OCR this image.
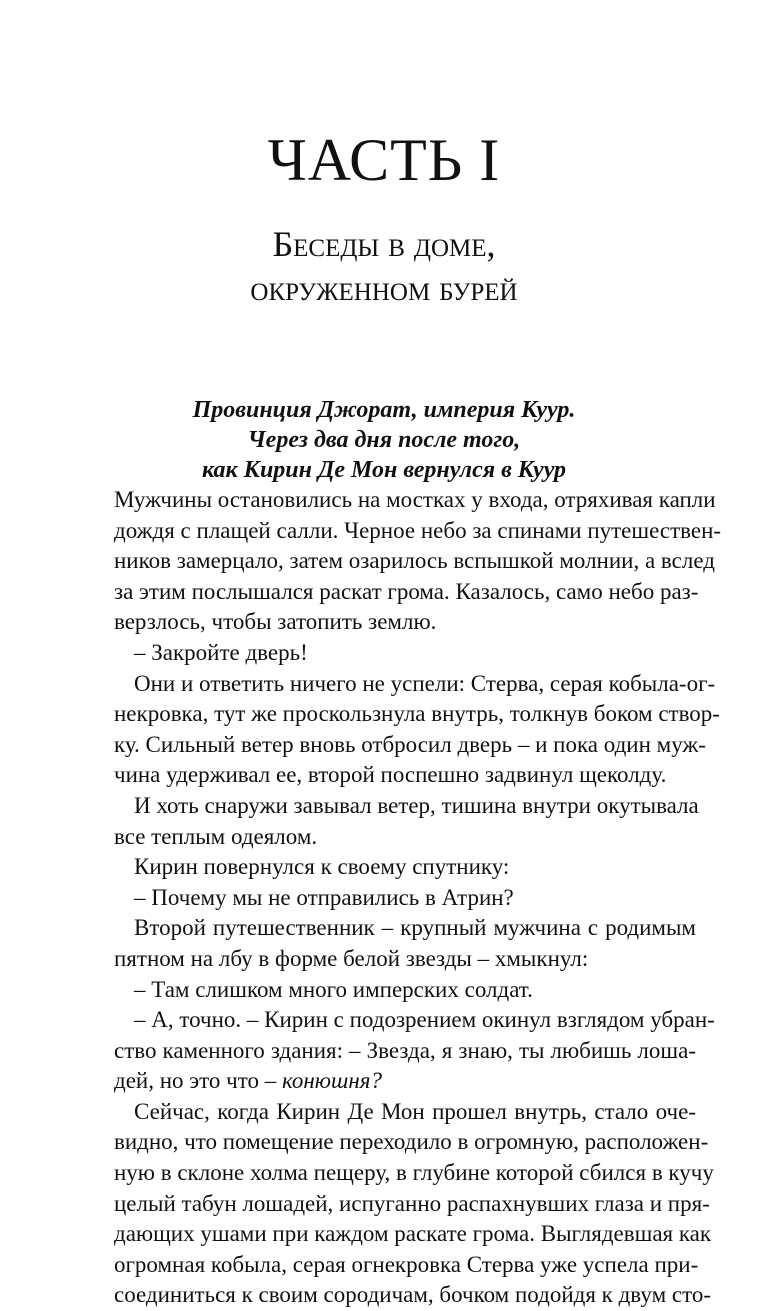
ЧАСТЬ I
Беседы в доме,
окруженном бурей
Провинция Джорат, империя Куур.
Через два дня после того,
как Кирин Де Мон вернулся в Куур
Мужчины остановились на мостках у входа, отряхивая капли
дождя с плащей салли. Черное небо за спинами путешествен-
ников замерцало, затем озарилось вспышкой молнии, а вслед
за этим послышался раскат грома. Казалось, само небо раз-
верзлось, чтобы затопить землю.
– Закройте дверь!
Они и ответить ничего не успели: Стерва, серая кобыла-ог-
некровка, тут же проскользнула внутрь, толкнув боком створ-
ку. Сильный ветер вновь отбросил дверь – и пока один муж-
чина удерживал ее, второй поспешно задвинул щеколду.
И хоть снаружи завывал ветер, тишина внутри окутывала
все теплым одеялом.
Кирин повернулся к своему спутнику:
– Почему мы не отправились в Атрин?
Второй путешественник – крупный мужчина с родимым
пятном на лбу в форме белой звезды – хмыкнул:
– Там слишком много имперских солдат.
– А, точно. – Кирин с подозрением окинул взглядом убран-
ство каменного здания: – Звезда, я знаю, ты любишь лоша-
дей, но это что – конюшня?
Сейчас, когда Кирин Де Мон прошел внутрь, стало оче-
видно, что помещение переходило в огромную, расположен-
ную в склоне холма пещеру, в глубине которой сбился в кучу
целый табун лошадей, испуганно распахнувших глаза и пря-
дающих ушами при каждом раскате грома. Выглядевшая как
огромная кобыла, серая огнекровка Стерва уже успела при-
соединиться к своим сородичам, бочком подойдя к двум сто-
